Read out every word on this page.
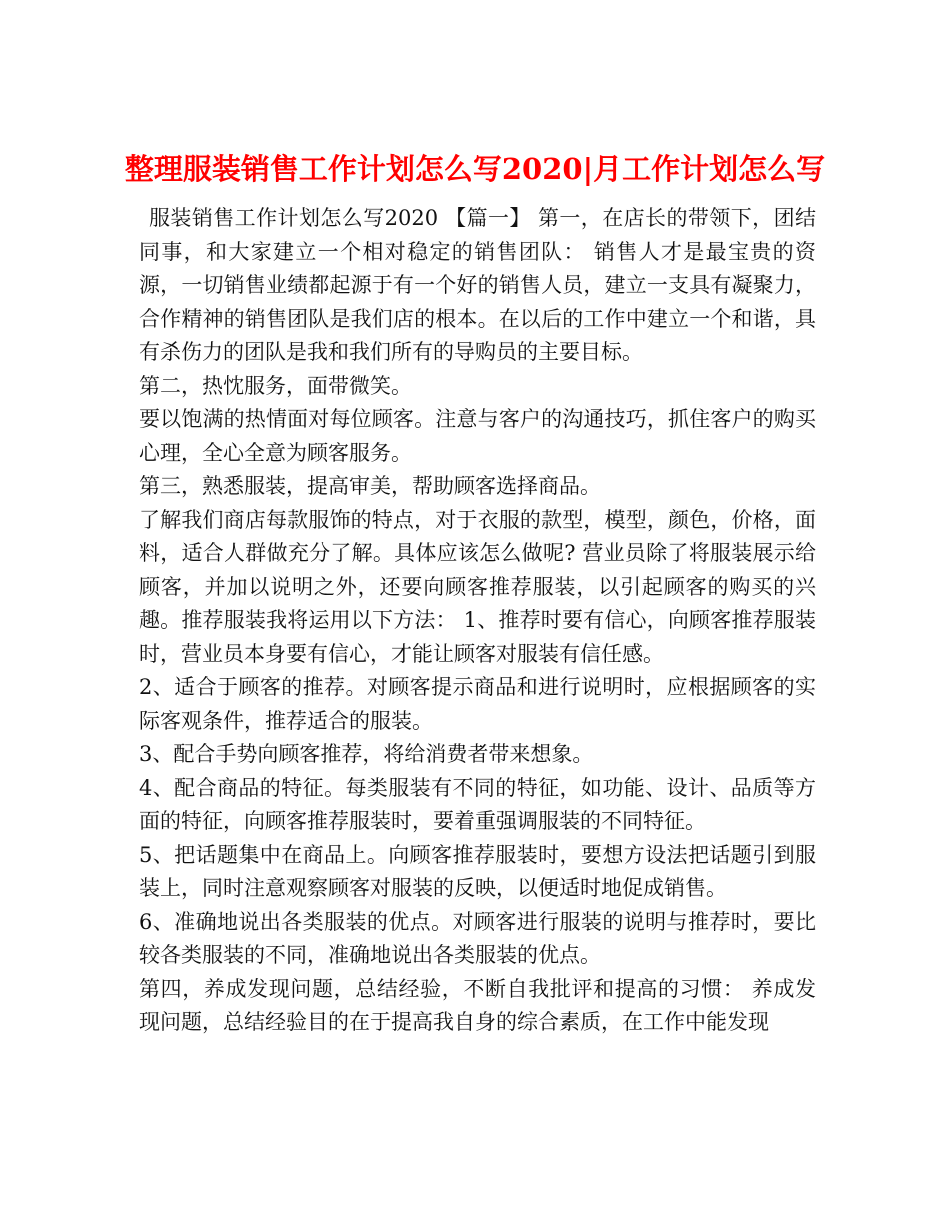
整理服装销售工作计划怎么写2020|月工作计划怎么写

服装销售工作计划怎么写2020 【篇一】 第一，在店长的带领下，团结同事，和大家建立一个相对稳定的销售团队： 销售人才是最宝贵的资源，一切销售业绩都起源于有一个好的销售人员，建立一支具有凝聚力，合作精神的销售团队是我们店的根本。在以后的工作中建立一个和谐，具有杀伤力的团队是我和我们所有的导购员的主要目标。

第二，热忱服务，面带微笑。

要以饱满的热情面对每位顾客。注意与客户的沟通技巧，抓住客户的购买心理，全心全意为顾客服务。

第三，熟悉服装，提高审美，帮助顾客选择商品。

了解我们商店每款服饰的特点，对于衣服的款型，模型，颜色，价格，面料，适合人群做充分了解。具体应该怎么做呢? 营业员除了将服装展示给顾客，并加以说明之外，还要向顾客推荐服装，以引起顾客的购买的兴趣。推荐服装我将运用以下方法： 1、推荐时要有信心，向顾客推荐服装时，营业员本身要有信心，才能让顾客对服装有信任感。

2、适合于顾客的推荐。对顾客提示商品和进行说明时，应根据顾客的实际客观条件，推荐适合的服装。

3、配合手势向顾客推荐，将给消费者带来想象。

4、配合商品的特征。每类服装有不同的特征，如功能、设计、品质等方面的特征，向顾客推荐服装时，要着重强调服装的不同特征。

5、把话题集中在商品上。向顾客推荐服装时，要想方设法把话题引到服装上，同时注意观察顾客对服装的反映，以便适时地促成销售。

6、准确地说出各类服装的优点。对顾客进行服装的说明与推荐时，要比较各类服装的不同，准确地说出各类服装的优点。

第四，养成发现问题，总结经验，不断自我批评和提高的习惯： 养成发现问题，总结经验目的在于提高我自身的综合素质，在工作中能发现
